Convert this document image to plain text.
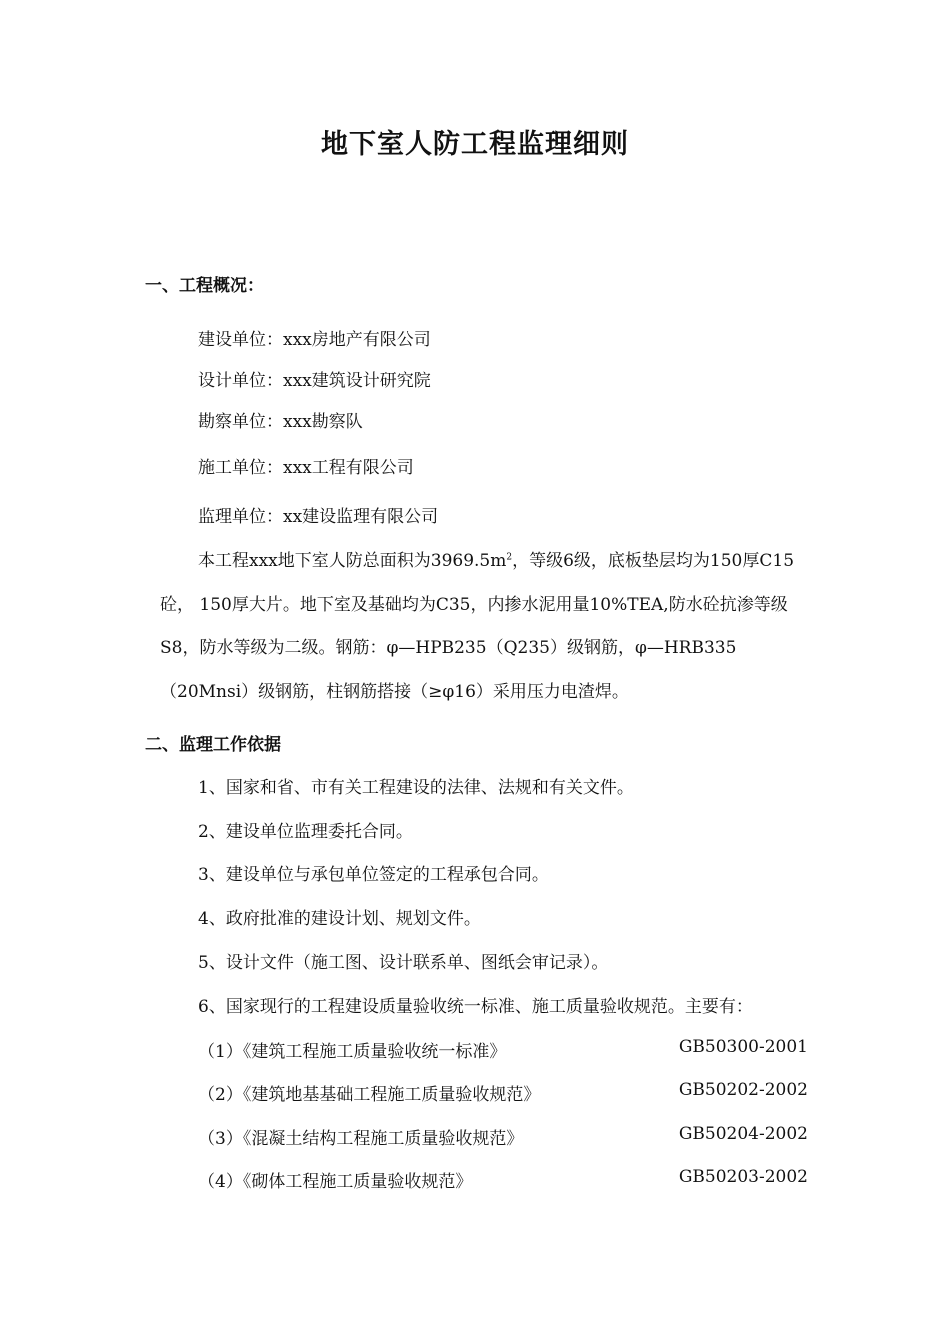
地下室人防工程监理细则
一、工程概况：
建设单位：xxx房地产有限公司
设计单位：xxx建筑设计研究院
勘察单位：xxx勘察队
施工单位：xxx工程有限公司
监理单位：xx建设监理有限公司
本工程xxx地下室人防总面积为$3969.5m^2$，等级6级，底板垫层均为150厚C15砼， 150厚大片。地下室及基础均为C35，内掺水泥用量10%TEA,防水砼抗渗等级S8，防水等级为二级。钢筋：φ—HPB235（Q235）级钢筋，φ—HRB335（20Mnsi）级钢筋，柱钢筋搭接（≥φ16）采用压力电渣焊。
二、监理工作依据
1、国家和省、市有关工程建设的法律、法规和有关文件。
2、建设单位监理委托合同。
3、建设单位与承包单位签定的工程承包合同。
4、政府批准的建设计划、规划文件。
5、设计文件（施工图、设计联系单、图纸会审记录）。
6、国家现行的工程建设质量验收统一标准、施工质量验收规范。主要有：
（1）《建筑工程施工质量验收统一标准》	GB50300-2001
（2）《建筑地基基础工程施工质量验收规范》	GB50202-2002
（3）《混凝土结构工程施工质量验收规范》	GB50204-2002
（4）《砌体工程施工质量验收规范》	GB50203-2002
